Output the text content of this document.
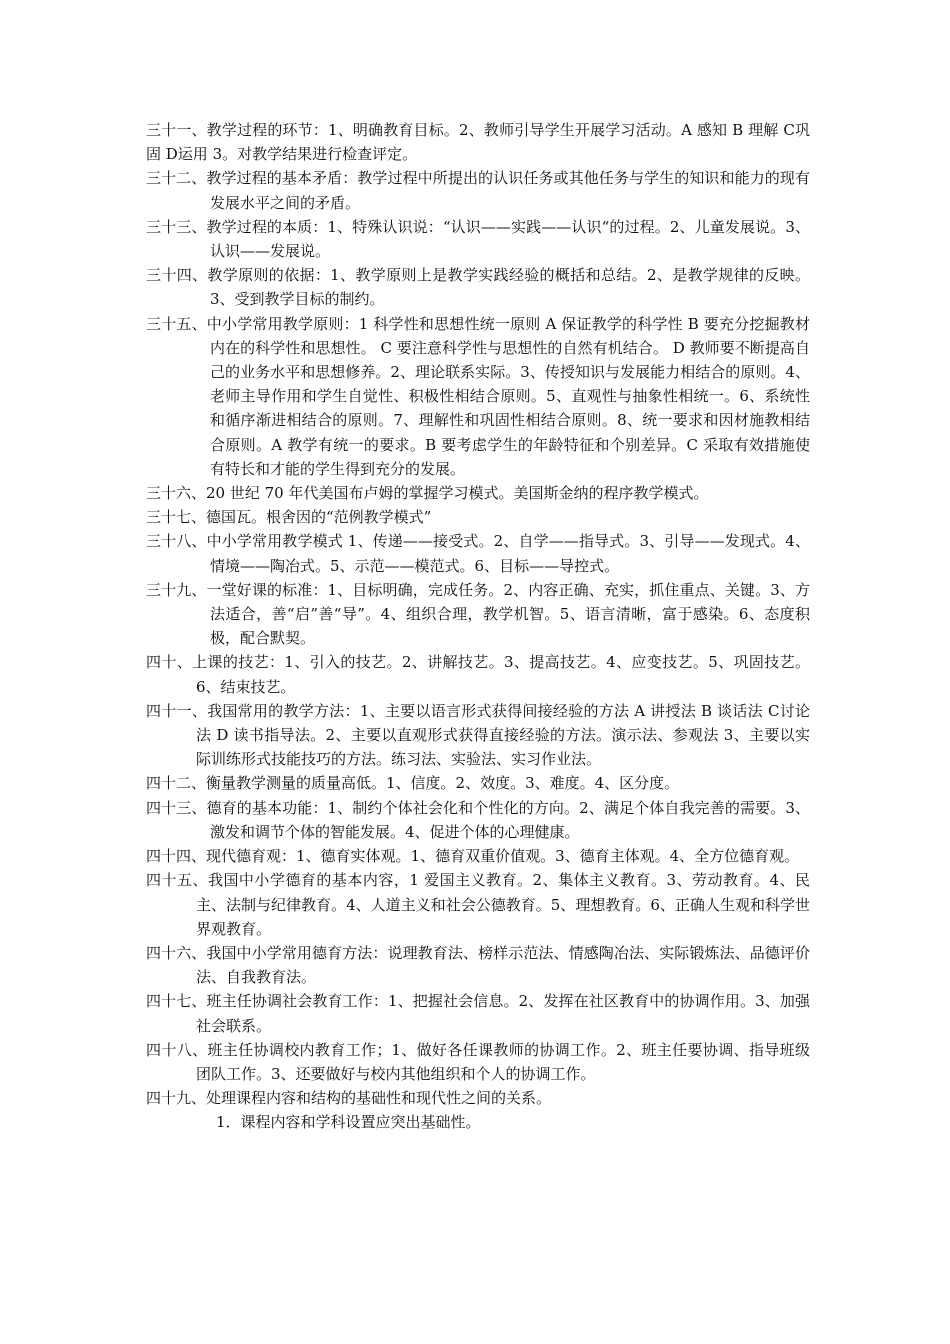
三十一、教学过程的环节：1、明确教育目标。2、教师引导学生开展学习活动。A 感知 B 理解 C巩固 D运用 3。对教学结果进行检查评定。

三十二、教学过程的基本矛盾：教学过程中所提出的认识任务或其他任务与学生的知识和能力的现有发展水平之间的矛盾。

三十三、教学过程的本质：1、特殊认识说：“认识——实践——认识“的过程。2、儿童发展说。3、认识——发展说。

三十四、教学原则的依据：1、教学原则上是教学实践经验的概括和总结。2、是教学规律的反映。3、受到教学目标的制约。

三十五、中小学常用教学原则：1 科学性和思想性统一原则 A 保证教学的科学性 B 要充分挖掘教材内在的科学性和思想性。 C 要注意科学性与思想性的自然有机结合。 D 教师要不断提高自己的业务水平和思想修养。2、理论联系实际。3、传授知识与发展能力相结合的原则。4、老师主导作用和学生自觉性、积极性相结合原则。5、直观性与抽象性相统一。6、系统性和循序渐进相结合的原则。7、理解性和巩固性相结合原则。8、统一要求和因材施教相结合原则。A 教学有统一的要求。B 要考虑学生的年龄特征和个别差异。C 采取有效措施使有特长和才能的学生得到充分的发展。

三十六、20 世纪 70 年代美国布卢姆的掌握学习模式。美国斯金纳的程序教学模式。

三十七、德国瓦。根舍因的“范例教学模式”

三十八、中小学常用教学模式 1、传递——接受式。2、自学——指导式。3、引导——发现式。4、情境——陶冶式。5、示范——模范式。6、目标——导控式。

三十九、一堂好课的标准：1、目标明确，完成任务。2、内容正确、充实，抓住重点、关键。3、方法适合，善“启”善“导”。4、组织合理，教学机智。5、语言清晰，富于感染。6、态度积极，配合默契。

四十、上课的技艺：1、引入的技艺。2、讲解技艺。3、提高技艺。4、应变技艺。5、巩固技艺。6、结束技艺。

四十一、我国常用的教学方法：1、主要以语言形式获得间接经验的方法 A 讲授法 B 谈话法 C讨论法 D 读书指导法。2、主要以直观形式获得直接经验的方法。演示法、参观法 3、主要以实际训练形式技能技巧的方法。练习法、实验法、实习作业法。

四十二、衡量教学测量的质量高低。1、信度。2、效度。3、难度。4、区分度。

四十三、德育的基本功能：1、制约个体社会化和个性化的方向。2、满足个体自我完善的需要。3、激发和调节个体的智能发展。4、促进个体的心理健康。

四十四、现代德育观：1、德育实体观。1、德育双重价值观。3、德育主体观。4、全方位德育观。

四十五、我国中小学德育的基本内容，1 爱国主义教育。2、集体主义教育。3、劳动教育。4、民主、法制与纪律教育。4、人道主义和社会公德教育。5、理想教育。6、正确人生观和科学世界观教育。

四十六、我国中小学常用德育方法：说理教育法、榜样示范法、情感陶冶法、实际锻炼法、品德评价法、自我教育法。

四十七、班主任协调社会教育工作：1、把握社会信息。2、发挥在社区教育中的协调作用。3、加强社会联系。

四十八、班主任协调校内教育工作；1、做好各任课教师的协调工作。2、班主任要协调、指导班级团队工作。3、还要做好与校内其他组织和个人的协调工作。

四十九、处理课程内容和结构的基础性和现代性之间的关系。

1．课程内容和学科设置应突出基础性。
